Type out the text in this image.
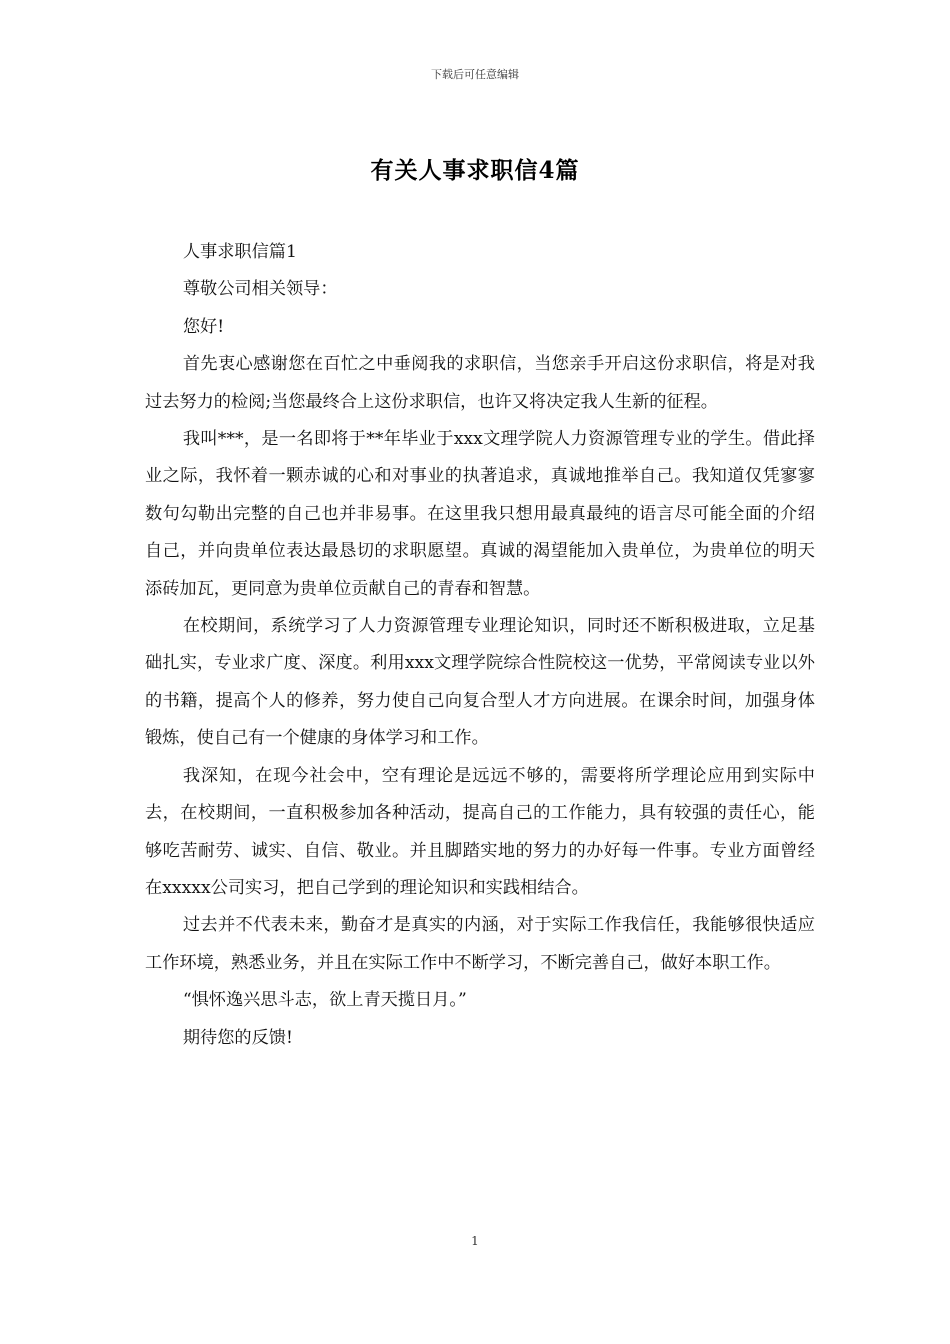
下载后可任意编辑
有关人事求职信4篇

人事求职信篇1

尊敬公司相关领导：

您好!

首先衷心感谢您在百忙之中垂阅我的求职信，当您亲手开启这份求职信，将是对我过去努力的检阅;当您最终合上这份求职信，也许又将决定我人生新的征程。

我叫***，是一名即将于**年毕业于xxx文理学院人力资源管理专业的学生。借此择业之际，我怀着一颗赤诚的心和对事业的执著追求，真诚地推举自己。我知道仅凭寥寥数句勾勒出完整的自己也并非易事。在这里我只想用最真最纯的语言尽可能全面的介绍自己，并向贵单位表达最恳切的求职愿望。真诚的渴望能加入贵单位，为贵单位的明天添砖加瓦，更同意为贵单位贡献自己的青春和智慧。

在校期间，系统学习了人力资源管理专业理论知识，同时还不断积极进取，立足基础扎实，专业求广度、深度。利用xxx文理学院综合性院校这一优势，平常阅读专业以外的书籍，提高个人的修养，努力使自己向复合型人才方向进展。在课余时间，加强身体锻炼，使自己有一个健康的身体学习和工作。

我深知，在现今社会中，空有理论是远远不够的，需要将所学理论应用到实际中去，在校期间，一直积极参加各种活动，提高自己的工作能力，具有较强的责任心，能够吃苦耐劳、诚实、自信、敬业。并且脚踏实地的努力的办好每一件事。专业方面曾经在xxxxx公司实习，把自己学到的理论知识和实践相结合。

过去并不代表未来，勤奋才是真实的内涵，对于实际工作我信任，我能够很快适应工作环境，熟悉业务，并且在实际工作中不断学习，不断完善自己，做好本职工作。

“惧怀逸兴思斗志，欲上青天揽日月。”

期待您的反馈!

1
